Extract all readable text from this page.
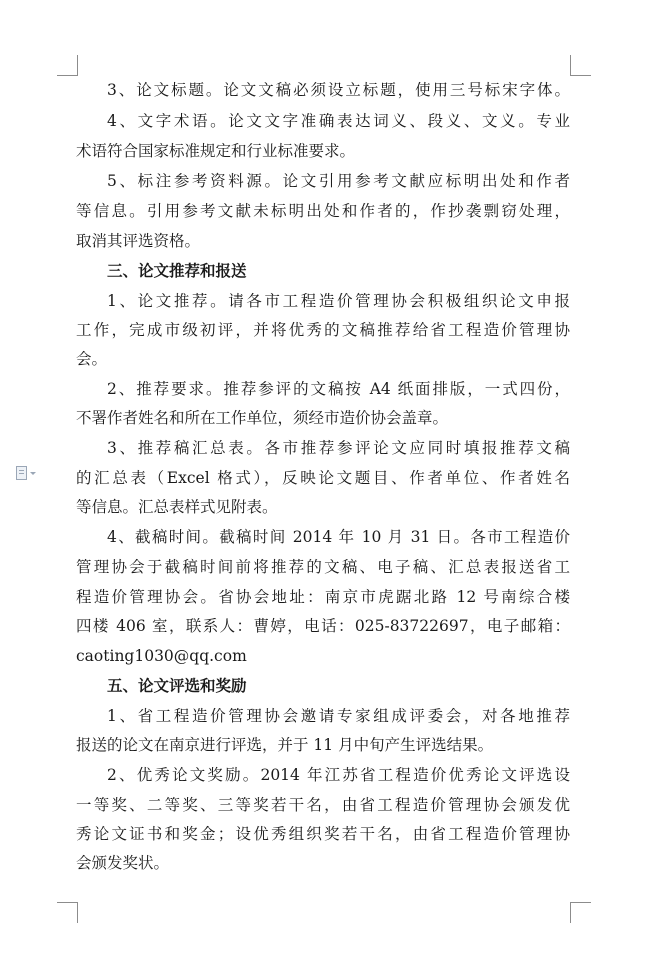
3、论文标题。论文文稿必须设立标题，使用三号标宋字体。
4、文字术语。论文文字准确表达词义、段义、文义。专业
术语符合国家标准规定和行业标准要求。
5、标注参考资料源。论文引用参考文献应标明出处和作者
等信息。引用参考文献未标明出处和作者的，作抄袭剽窃处理，
取消其评选资格。
三、论文推荐和报送
1、论文推荐。请各市工程造价管理协会积极组织论文申报
工作，完成市级初评，并将优秀的文稿推荐给省工程造价管理协
会。
2、推荐要求。推荐参评的文稿按 A4 纸面排版，一式四份，
不署作者姓名和所在工作单位，须经市造价协会盖章。
3、推荐稿汇总表。各市推荐参评论文应同时填报推荐文稿
的汇总表（Excel 格式），反映论文题目、作者单位、作者姓名
等信息。汇总表样式见附表。
4、截稿时间。截稿时间 2014 年 10 月 31 日。各市工程造价
管理协会于截稿时间前将推荐的文稿、电子稿、汇总表报送省工
程造价管理协会。省协会地址：南京市虎踞北路 12 号南综合楼
四楼 406 室，联系人：曹婷，电话：025-83722697，电子邮箱：
caoting1030@qq.com
五、论文评选和奖励
1、省工程造价管理协会邀请专家组成评委会，对各地推荐
报送的论文在南京进行评选，并于 11 月中旬产生评选结果。
2、优秀论文奖励。2014 年江苏省工程造价优秀论文评选设
一等奖、二等奖、三等奖若干名，由省工程造价管理协会颁发优
秀论文证书和奖金；设优秀组织奖若干名，由省工程造价管理协
会颁发奖状。
